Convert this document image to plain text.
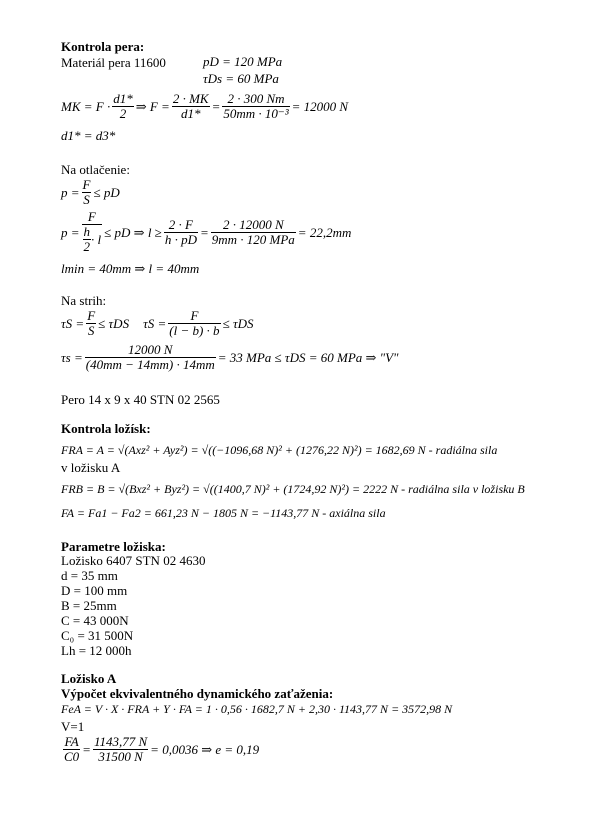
Kontrola pera:
Materiál pera 11600	pD = 120 MPa
τDs = 60 MPa
MK = $F \cdot \frac{d1*}{2}$ ⇒ $F = \frac{2 \cdot MK}{d1*} = \frac{2 \cdot 300 Nm}{\text{50mm · 10⁻³}} = 12000$ N
d1* = d3*
Na otlačenie:
$p = \frac{F}{S}$ ≤ pD
$p = \frac{F}{\frac{h}{2} \cdot l}$ ≤ pD ⇒ $l \ge \frac{2 \cdot F}{h \cdot pD} = \frac{2 \cdot 12000 N}{\text{9mm · 120 MPa}} = 22,2mm$
lmin = 40mm ⇒ l = 40mm
Na strih:
$\tau S = \frac{F}{S} \le \tau DS$ $\tau S = \frac{F}{(l - b) \cdot b} \le \tau DS$
$\tau s = \frac{12000 N}{(40mm - 14mm) \cdot 14mm} = 33$ MPa ≤ τDS = 60 MPa ⇒ "V"
Pero 14 x 9 x 40 STN 02 2565
Kontrola ložísk:
FRA = A = √(Axz² + Ayz²) = √((−1096,68 N)² + (1276,22 N)²) = 1682,69 N - radiálna sila
v ložisku A
FRB = B = √(Bxz² + Byz²) = √((1400,7 N)² + (1724,92 N)²) = 2222 N - radiálna sila v ložisku B
FA = Fa1 − Fa2 = 661,23 N − 1805 N = −1143,77 N - axiálna sila
Parametre ložiska:
Ložisko 6407 STN 02 4630
d = 35 mm
D = 100 mm
B = 25mm
C = 43 000N
C₀ = 31 500N
Lh = 12 000h
Ložisko A
Výpočet ekvivalentného dynamického zaťaženia:
FeA = V · X · FRA + Y · FA = 1 · 0,56 · 1682,7 N + 2,30 · 1143,77 N = 3572,98 N
V=1
$\frac{FA}{C0} = \frac{1143,77 N}{31500 N} = 0,0036$ ⇒ e = 0,19
